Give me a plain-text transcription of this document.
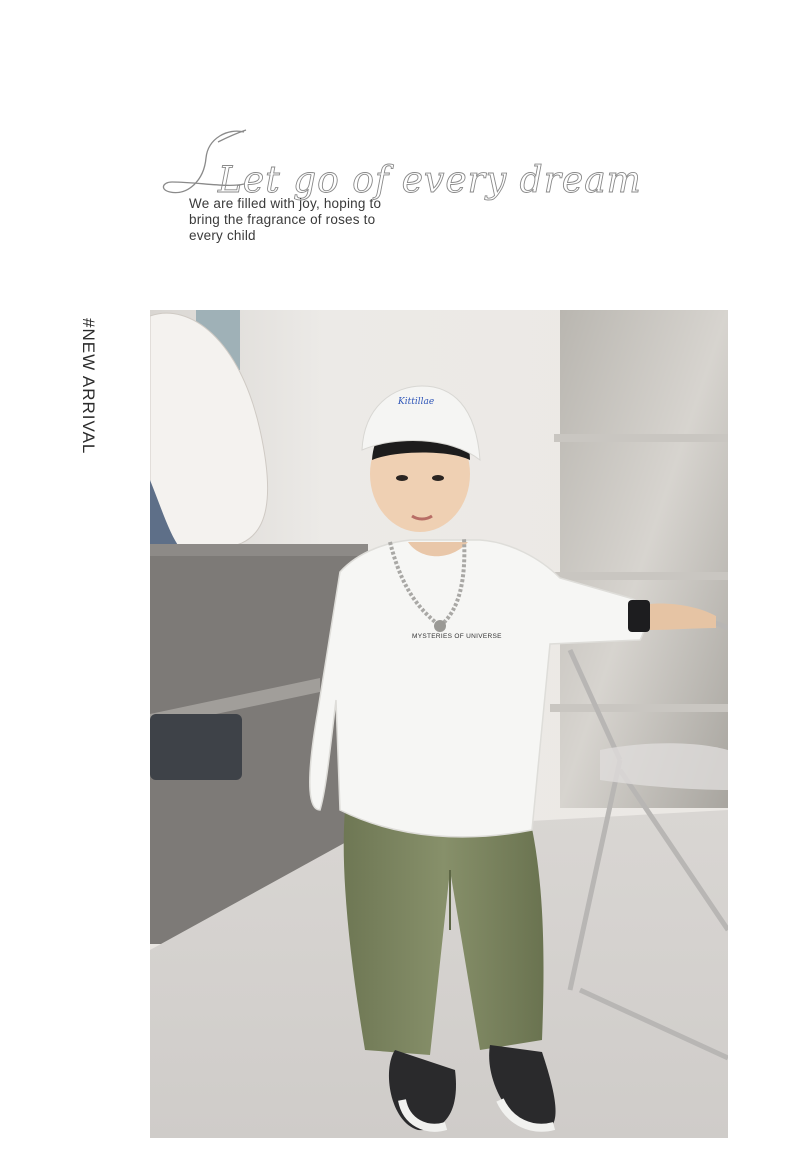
Let go of every dream
We are filled with joy, hoping to
bring the fragrance of roses to
every child
#NEW ARRIVAL
MYSTERIES OF UNIVERSE
Kittillae
